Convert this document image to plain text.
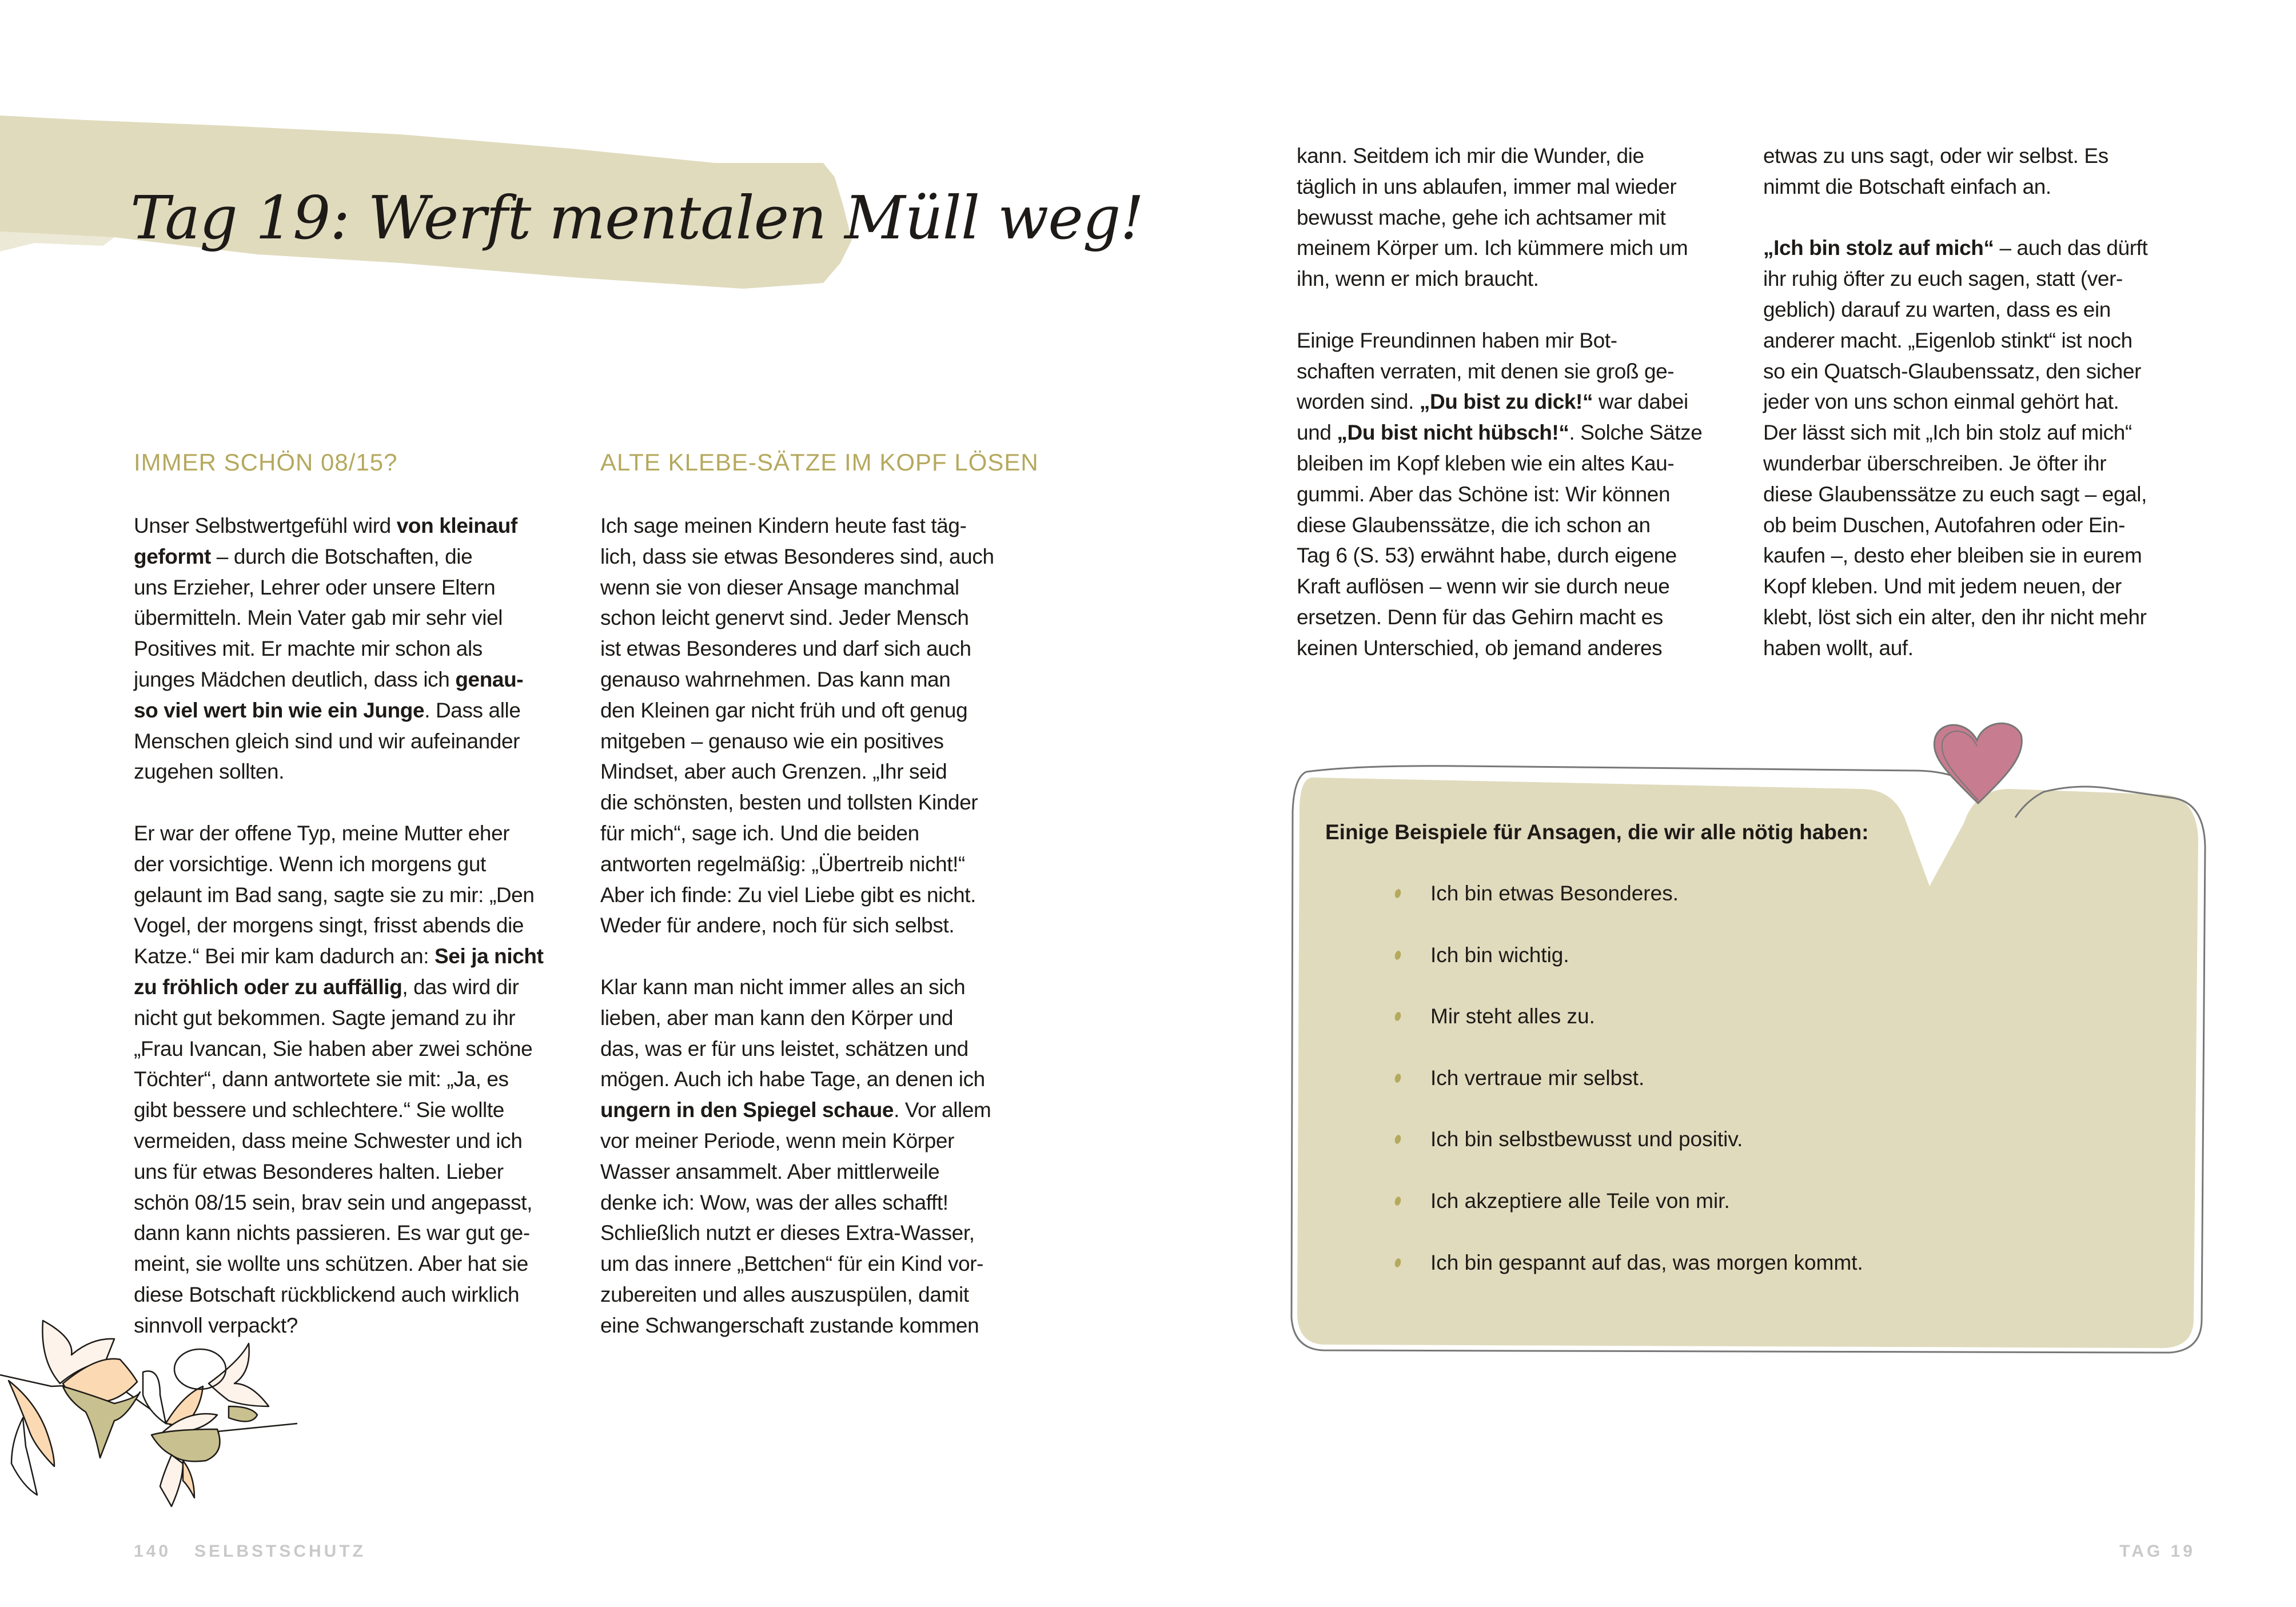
Tag 19: Werft mentalen Müll weg!
IMMER SCHÖN 08/15?	ALTE KLEBE-SÄTZE IM KOPF LÖSEN
Unser Selbstwertgefühl wird von kleinauf
geformt – durch die Botschaften, die
uns Erzieher, Lehrer oder unsere Eltern
übermitteln. Mein Vater gab mir sehr viel
Positives mit. Er machte mir schon als
junges Mädchen deutlich, dass ich genau-
so viel wert bin wie ein Junge. Dass alle
Menschen gleich sind und wir aufeinander
zugehen sollten.
Er war der offene Typ, meine Mutter eher
der vorsichtige. Wenn ich morgens gut
gelaunt im Bad sang, sagte sie zu mir: „Den
Vogel, der morgens singt, frisst abends die
Katze.“ Bei mir kam dadurch an: Sei ja nicht
zu fröhlich oder zu auffällig, das wird dir
nicht gut bekommen. Sagte jemand zu ihr
„Frau Ivancan, Sie haben aber zwei schöne
Töchter“, dann antwortete sie mit: „Ja, es
gibt bessere und schlechtere.“ Sie wollte
vermeiden, dass meine Schwester und ich
uns für etwas Besonderes halten. Lieber
schön 08/15 sein, brav sein und angepasst,
dann kann nichts passieren. Es war gut ge-
meint, sie wollte uns schützen. Aber hat sie
diese Botschaft rückblickend auch wirklich
sinnvoll verpackt?
Ich sage meinen Kindern heute fast täg-
lich, dass sie etwas Besonderes sind, auch
wenn sie von dieser Ansage manchmal
schon leicht genervt sind. Jeder Mensch
ist etwas Besonderes und darf sich auch
genauso wahrnehmen. Das kann man
den Kleinen gar nicht früh und oft genug
mitgeben – genauso wie ein positives
Mindset, aber auch Grenzen. „Ihr seid
die schönsten, besten und tollsten Kinder
für mich“, sage ich. Und die beiden
antworten regelmäßig: „Übertreib nicht!“
Aber ich finde: Zu viel Liebe gibt es nicht.
Weder für andere, noch für sich selbst.
Klar kann man nicht immer alles an sich
lieben, aber man kann den Körper und
das, was er für uns leistet, schätzen und
mögen. Auch ich habe Tage, an denen ich
ungern in den Spiegel schaue. Vor allem
vor meiner Periode, wenn mein Körper
Wasser ansammelt. Aber mittlerweile
denke ich: Wow, was der alles schafft!
Schließlich nutzt er dieses Extra-Wasser,
um das innere „Bettchen“ für ein Kind vor-
zubereiten und alles auszuspülen, damit
eine Schwangerschaft zustande kommen
kann. Seitdem ich mir die Wunder, die
täglich in uns ablaufen, immer mal wieder
bewusst mache, gehe ich achtsamer mit
meinem Körper um. Ich kümmere mich um
ihn, wenn er mich braucht.
Einige Freundinnen haben mir Bot-
schaften verraten, mit denen sie groß ge-
worden sind. „Du bist zu dick!“ war dabei
und „Du bist nicht hübsch!“. Solche Sätze
bleiben im Kopf kleben wie ein altes Kau-
gummi. Aber das Schöne ist: Wir können
diese Glaubenssätze, die ich schon an
Tag 6 (S. 53) erwähnt habe, durch eigene
Kraft auflösen – wenn wir sie durch neue
ersetzen. Denn für das Gehirn macht es
keinen Unterschied, ob jemand anderes
etwas zu uns sagt, oder wir selbst. Es
nimmt die Botschaft einfach an.
„Ich bin stolz auf mich“ – auch das dürft
ihr ruhig öfter zu euch sagen, statt (ver-
geblich) darauf zu warten, dass es ein
anderer macht. „Eigenlob stinkt“ ist noch
so ein Quatsch-Glaubenssatz, den sicher
jeder von uns schon einmal gehört hat.
Der lässt sich mit „Ich bin stolz auf mich“
wunderbar überschreiben. Je öfter ihr
diese Glaubenssätze zu euch sagt – egal,
ob beim Duschen, Autofahren oder Ein-
kaufen –, desto eher bleiben sie in eurem
Kopf kleben. Und mit jedem neuen, der
klebt, löst sich ein alter, den ihr nicht mehr
haben wollt, auf.
Einige Beispiele für Ansagen, die wir alle nötig haben:
Ich bin etwas Besonderes.
Ich bin wichtig.
Mir steht alles zu.
Ich vertraue mir selbst.
Ich bin selbstbewusst und positiv.
Ich akzeptiere alle Teile von mir.
Ich bin gespannt auf das, was morgen kommt.
140 SELBSTSCHUTZ	TAG 19
